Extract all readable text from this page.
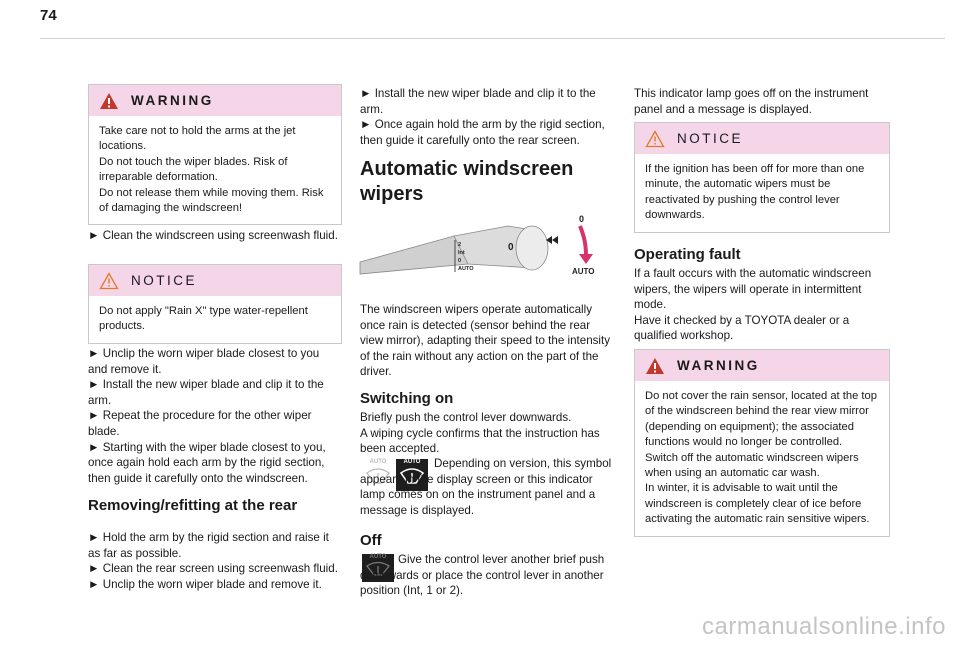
74
WARNING
Take care not to hold the arms at the jet locations.
Do not touch the wiper blades. Risk of irreparable deformation.
Do not release them while moving them. Risk of damaging the windscreen!

► Clean the windscreen using screenwash fluid.

NOTICE
Do not apply "Rain X" type water-repellent products.

► Unclip the worn wiper blade closest to you and remove it.

► Install the new wiper blade and clip it to the arm.

► Repeat the procedure for the other wiper blade.

► Starting with the wiper blade closest to you, once again hold each arm by the rigid section, then guide it carefully onto the windscreen.

Removing/refitting at the rear

► Hold the arm by the rigid section and raise it as far as possible.

► Clean the rear screen using screenwash fluid.

► Unclip the worn wiper blade and remove it.

► Install the new wiper blade and clip it to the arm.

► Once again hold the arm by the rigid section, then guide it carefully onto the rear screen.

Automatic windscreen wipers
2
Int
0
AUTO
0
0
AUTO

The windscreen wipers operate automatically once rain is detected (sensor behind the rear view mirror), adapting their speed to the intensity of the rain without any action on the part of the driver.

Switching on

Briefly push the control lever downwards.

A wiping cycle confirms that the instruction has been accepted.

AUTO	AUTO	Depending on version, this symbol appears in the display screen or this indicator lamp comes on on the instrument panel and a message is displayed.

Off
AUTO Give the control lever another brief push downwards or place the control lever in another position (Int, 1 or 2).

This indicator lamp goes off on the instrument panel and a message is displayed.

NOTICE
If the ignition has been off for more than one minute, the automatic wipers must be reactivated by pushing the control lever downwards.
Operating fault

If a fault occurs with the automatic windscreen wipers, the wipers will operate in intermittent mode.

Have it checked by a TOYOTA dealer or a qualified workshop.

WARNING
Do not cover the rain sensor, located at the top of the windscreen behind the rear view mirror (depending on equipment); the associated functions would no longer be controlled.
Switch off the automatic windscreen wipers when using an automatic car wash.
In winter, it is advisable to wait until the windscreen is completely clear of ice before activating the automatic rain sensitive wipers.
carmanualsonline.info
